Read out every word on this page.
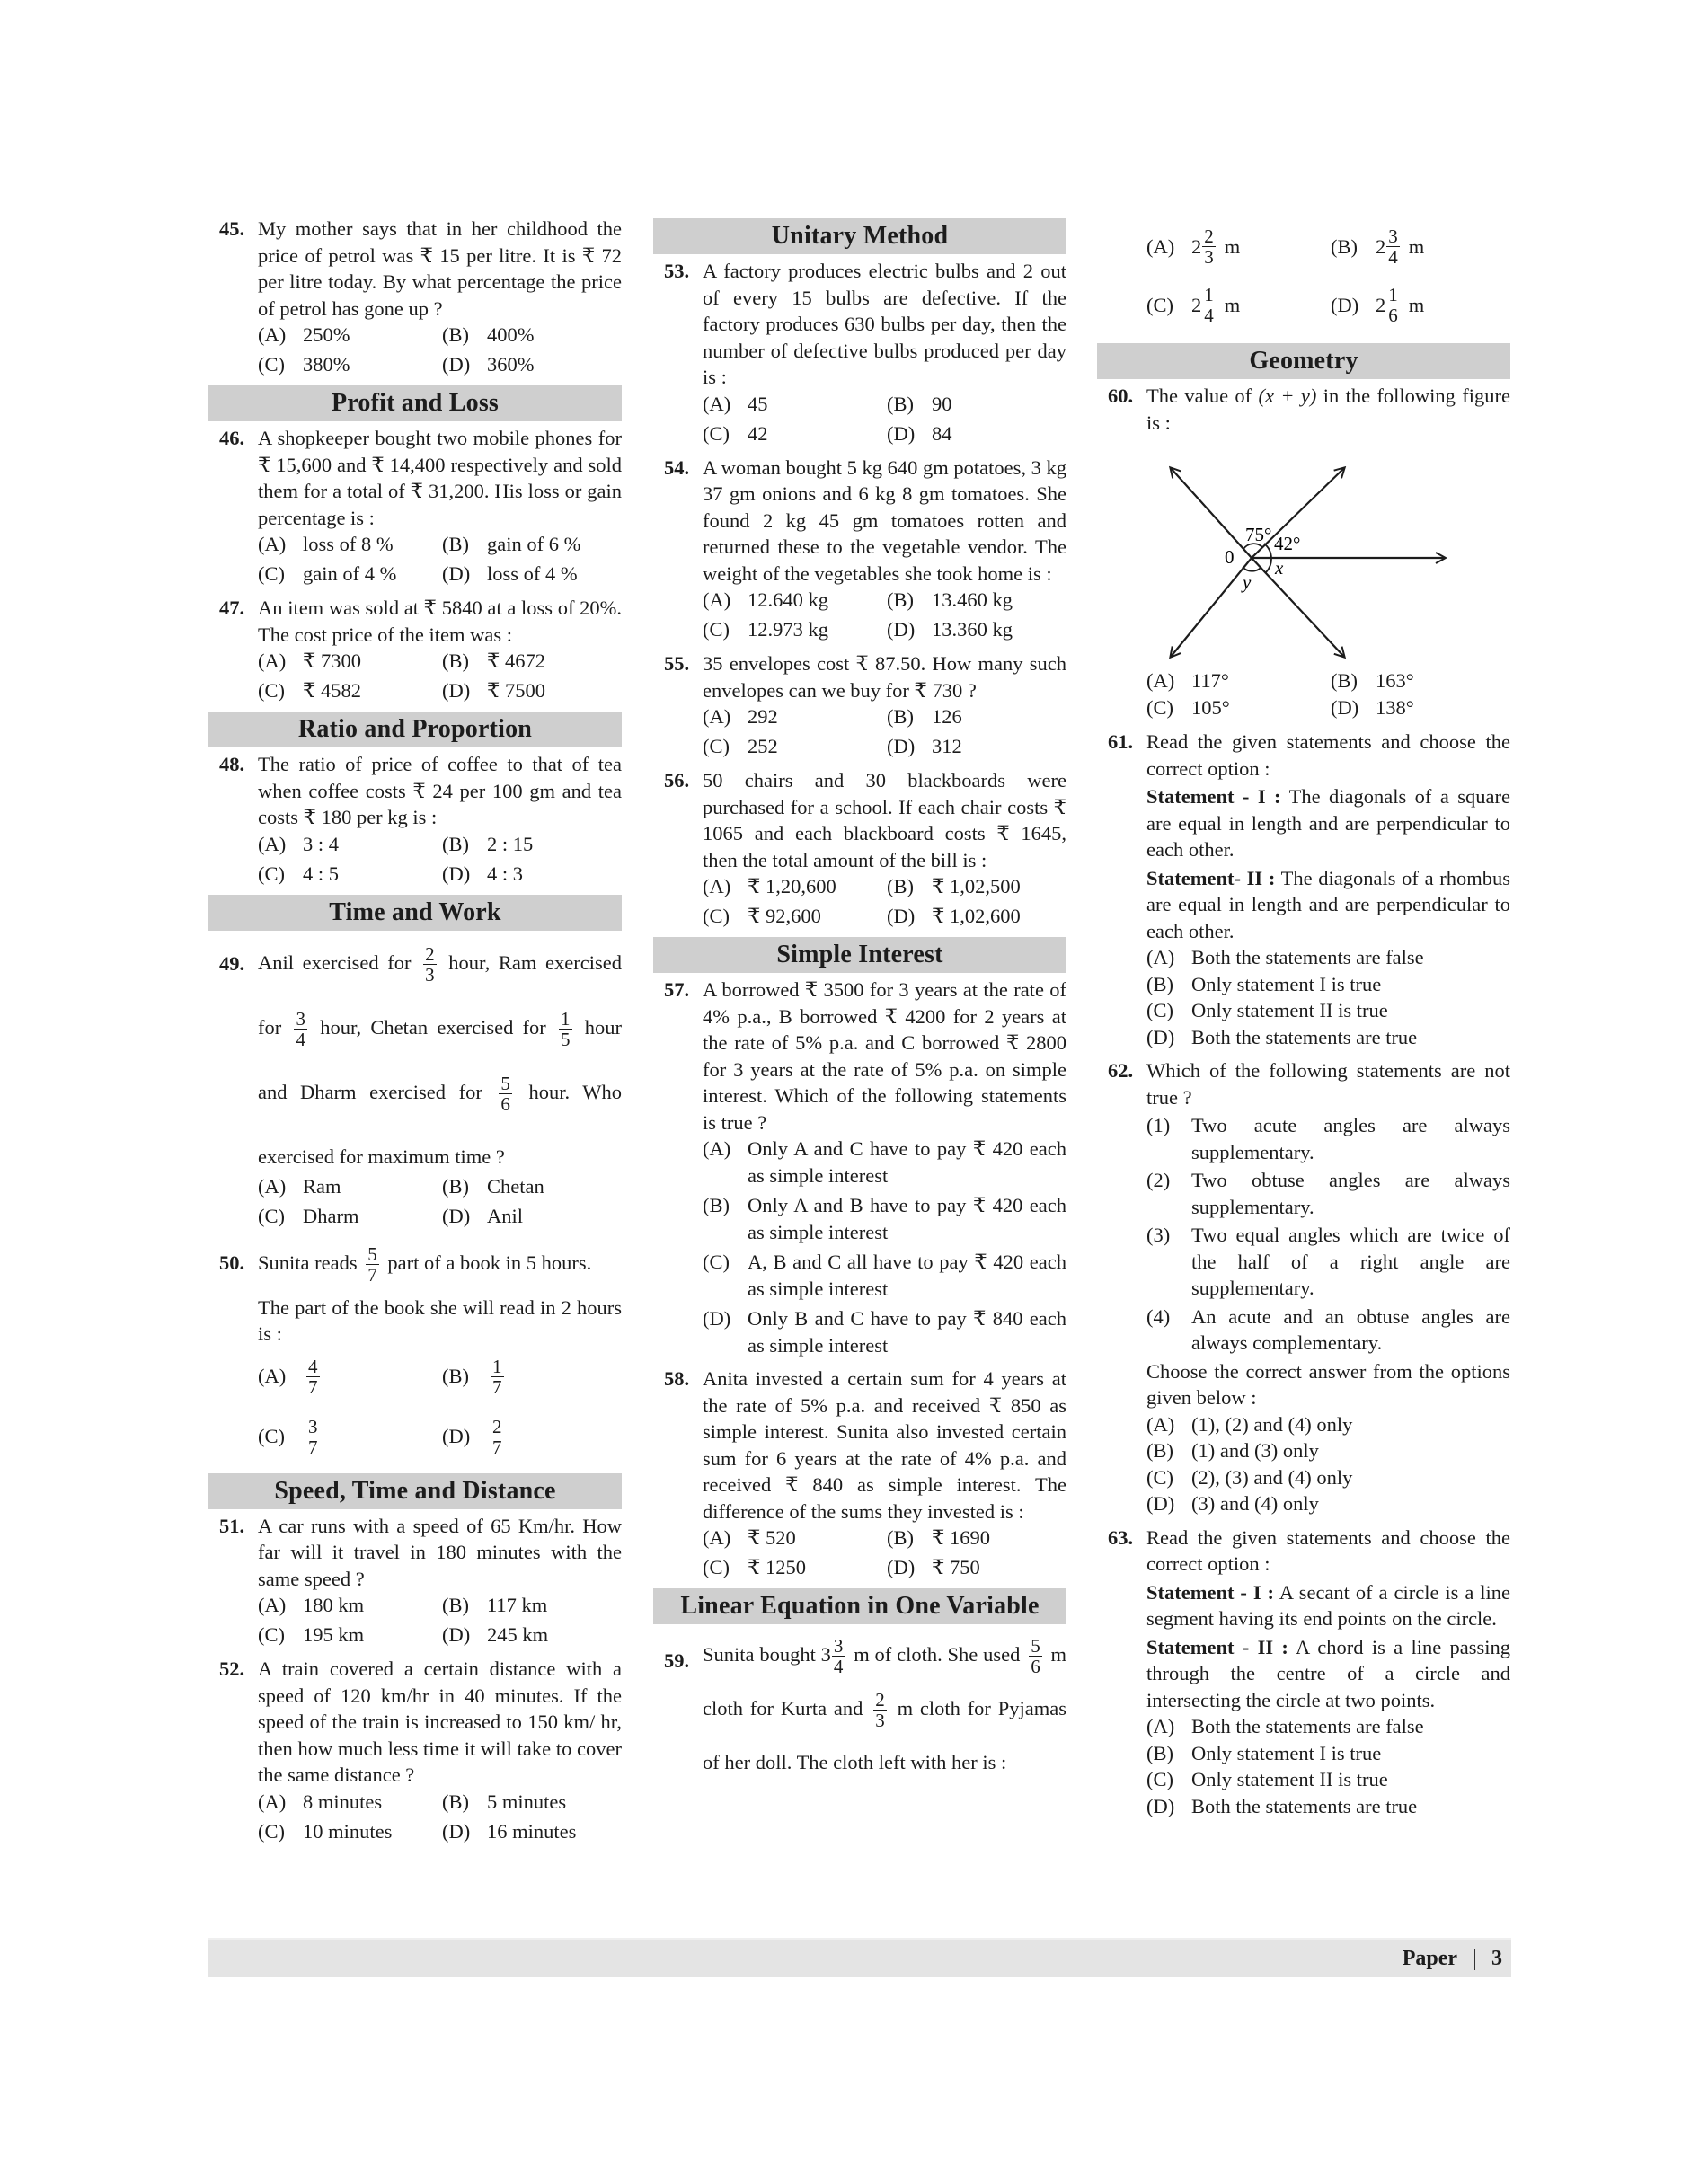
45. My mother says that in her childhood the price of petrol was ₹ 15 per litre. It is ₹ 72 per litre today. By what percentage the price of petrol has gone up ?
(A) 250%	(B) 400%
(C) 380%	(D) 360%
Profit and Loss
46. A shopkeeper bought two mobile phones for ₹ 15,600 and ₹ 14,400 respectively and sold them for a total of ₹ 31,200. His loss or gain percentage is :
(A) loss of 8 % (B) gain of 6 %
(C) gain of 4 % (D) loss of 4 %
47. An item was sold at ₹ 5840 at a loss of 20%. The cost price of the item was :
(A) ₹ 7300	(B) ₹ 4672
(C) ₹ 4582	(D) ₹ 7500
Ratio and Proportion
48. The ratio of price of coffee to that of tea when coffee costs ₹ 24 per 100 gm and tea costs ₹ 180 per kg is :
(A) 3 : 4	(B) 2 : 15
(C) 4 : 5	(D) 4 : 3
Time and Work
49. Anil exercised for $\frac{2}{3}$ hour, Ram exercised for $\frac{3}{4}$ hour, Chetan exercised for $\frac{1}{5}$ hour and Dharm exercised for $\frac{5}{6}$ hour. Who exercised for maximum time ?
(A) Ram	(B) Chetan
(C) Dharm	(D) Anil
50. Sunita reads $\frac{5}{7}$ part of a book in 5 hours.
The part of the book she will read in 2 hours is :
(A)	$\frac{4}{7}$	(B)	$\frac{1}{7}$
(C)	$\frac{3}{7}$	(D)	$\frac{2}{7}$
Speed, Time and Distance
51. A car runs with a speed of 65 Km/hr. How far will it travel in 180 minutes with the same speed ?
(A) 180 km	(B) 117 km
(C) 195 km	(D) 245 km
52. A train covered a certain distance with a speed of 120 km/hr in 40 minutes. If the speed of the train is increased to 150 km/ hr, then how much less time it will take to cover the same distance ?
(A) 8 minutes	(B) 5 minutes
(C) 10 minutes (D) 16 minutes
Unitary Method
53. A factory produces electric bulbs and 2 out of every 15 bulbs are defective. If the factory produces 630 bulbs per day, then the number of defective bulbs produced per day is :
(A) 45	(B) 90
(C) 42	(D) 84
54. A woman bought 5 kg 640 gm potatoes, 3 kg 37 gm onions and 6 kg 8 gm tomatoes. She found 2 kg 45 gm tomatoes rotten and returned these to the vegetable vendor. The weight of the vegetables she took home is :
(A) 12.640 kg	(B) 13.460 kg
(C) 12.973 kg	(D) 13.360 kg
55. 35 envelopes cost ₹ 87.50. How many such envelopes can we buy for ₹ 730 ?
(A) 292	(B) 126
(C) 252	(D) 312
56. 50 chairs and 30 blackboards were purchased for a school. If each chair costs ₹ 1065 and each blackboard costs ₹ 1645, then the total amount of the bill is :
(A) ₹ 1,20,600	(B) ₹ 1,02,500
(C) ₹ 92,600	(D) ₹ 1,02,600
Simple Interest
57. A borrowed ₹ 3500 for 3 years at the rate of 4% p.a., B borrowed ₹ 4200 for 2 years at the rate of 5% p.a. and C borrowed ₹ 2800 for 3 years at the rate of 5% p.a. on simple interest. Which of the following statements is true ?
(A) Only A and C have to pay ₹ 420 each as simple interest
(B) Only A and B have to pay ₹ 420 each as simple interest
(C) A, B and C all have to pay ₹ 420 each as simple interest
(D) Only B and C have to pay ₹ 840 each as simple interest
58. Anita invested a certain sum for 4 years at the rate of 5% p.a. and received ₹ 850 as simple interest. Sunita also invested certain sum for 6 years at the rate of 4% p.a. and received ₹ 840 as simple interest. The difference of the sums they invested is :
(A) ₹ 520	(B) ₹ 1690
(C) ₹ 1250	(D) ₹ 750
Linear Equation in One Variable
59. Sunita bought $3 \frac{3}{4}$ m of cloth. She used $\frac{5}{6}$ m cloth for Kurta and $\frac{2}{3}$ m cloth for Pyjamas of her doll. The cloth left with her is :
(A) $2 \frac{2}{3}$ m	(B) $2 \frac{3}{4}$ m
(C) $2 \frac{1}{4}$ m	(D) $2 \frac{1}{6}$ m
Geometry
60. The value of (x + y) in the following figure is :
75° 42°
0 x
y
(A) 117°	(B) 163°
(C) 105°	(D) 138°
61. Read the given statements and choose the correct option :
Statement - I : The diagonals of a square are equal in length and are perpendicular to each other.
Statement- II : The diagonals of a rhombus are equal in length and are perpendicular to each other.
(A) Both the statements are false
(B) Only statement I is true
(C) Only statement II is true
(D) Both the statements are true
62. Which of the following statements are not true ?
(1)	Two acute angles are always supplementary.
(2)	Two obtuse angles are always supplementary.
(3)	Two equal angles which are twice of the half of a right angle are supplementary.
(4)	An acute and an obtuse angles are always complementary.
Choose the correct answer from the options given below :
(A) (1), (2) and (4) only
(B) (1) and (3) only
(C) (2), (3) and (4) only
(D) (3) and (4) only
63. Read the given statements and choose the correct option :
Statement - I : A secant of a circle is a line segment having its end points on the circle.
Statement - II : A chord is a line passing through the centre of a circle and intersecting the circle at two points.
(A) Both the statements are false
(B) Only statement I is true
(C) Only statement II is true
(D) Both the statements are true
Paper 3
